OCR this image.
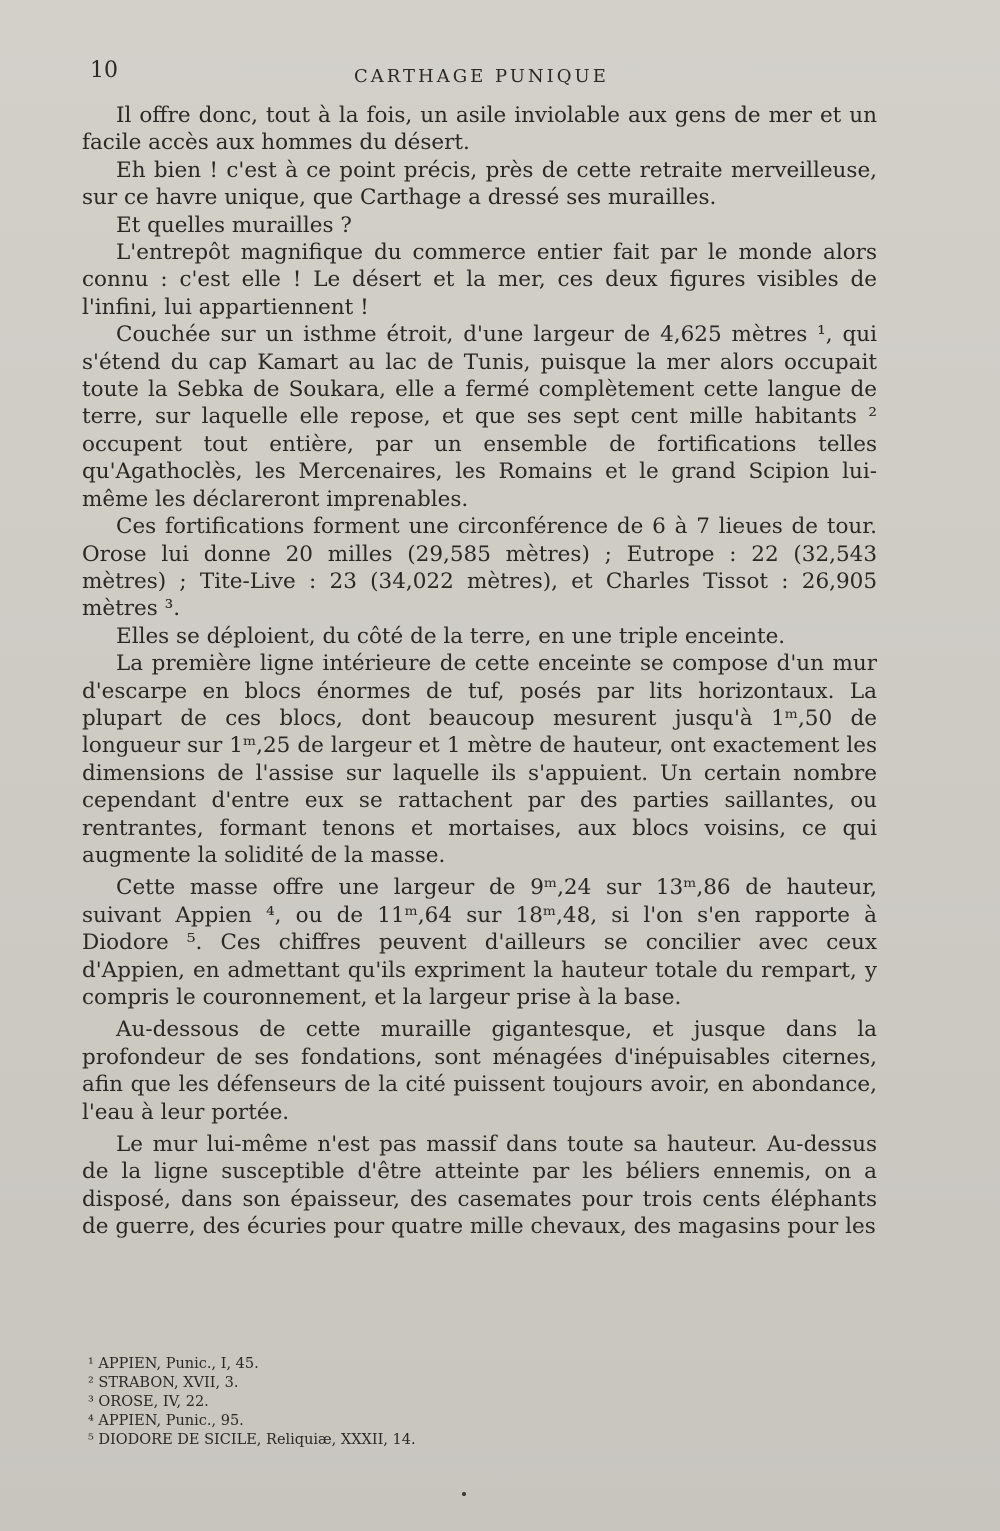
10	CARTHAGE PUNIQUE

Il offre donc, tout à la fois, un asile inviolable aux gens de mer et un facile accès aux hommes du désert.

Eh bien ! c'est à ce point précis, près de cette retraite merveilleuse, sur ce havre unique, que Carthage a dressé ses murailles.

Et quelles murailles ?

L'entrepôt magnifique du commerce entier fait par le monde alors connu : c'est elle ! Le désert et la mer, ces deux figures visibles de l'infini, lui appartiennent !

Couchée sur un isthme étroit, d'une largeur de 4,625 mètres ¹, qui s'étend du cap Kamart au lac de Tunis, puisque la mer alors occupait toute la Sebka de Soukara, elle a fermé complètement cette langue de terre, sur laquelle elle repose, et que ses sept cent mille habitants ² occupent tout entière, par un ensemble de fortifications telles qu'Agathoclès, les Mercenaires, les Romains et le grand Scipion lui-même les déclareront imprenables.

Ces fortifications forment une circonférence de 6 à 7 lieues de tour. Orose lui donne 20 milles (29,585 mètres) ; Eutrope : 22 (32,543 mètres) ; Tite-Live : 23 (34,022 mètres), et Charles Tissot : 26,905 mètres ³.

Elles se déploient, du côté de la terre, en une triple enceinte.

La première ligne intérieure de cette enceinte se compose d'un mur d'escarpe en blocs énormes de tuf, posés par lits horizontaux. La plupart de ces blocs, dont beaucoup mesurent jusqu'à 1ᵐ,50 de longueur sur 1ᵐ,25 de largeur et 1 mètre de hauteur, ont exactement les dimensions de l'assise sur laquelle ils s'appuient. Un certain nombre cependant d'entre eux se rattachent par des parties saillantes, ou rentrantes, formant tenons et mortaises, aux blocs voisins, ce qui augmente la solidité de la masse.

Cette masse offre une largeur de 9ᵐ,24 sur 13ᵐ,86 de hauteur, suivant Appien ⁴, ou de 11ᵐ,64 sur 18ᵐ,48, si l'on s'en rapporte à Diodore ⁵. Ces chiffres peuvent d'ailleurs se concilier avec ceux d'Appien, en admettant qu'ils expriment la hauteur totale du rempart, y compris le couronnement, et la largeur prise à la base.

Au-dessous de cette muraille gigantesque, et jusque dans la profondeur de ses fondations, sont ménagées d'inépuisables citernes, afin que les défenseurs de la cité puissent toujours avoir, en abondance, l'eau à leur portée.

Le mur lui-même n'est pas massif dans toute sa hauteur. Au-dessus de la ligne susceptible d'être atteinte par les béliers ennemis, on a disposé, dans son épaisseur, des casemates pour trois cents éléphants de guerre, des écuries pour quatre mille chevaux, des magasins pour les

¹ APPIEN, Punic., I, 45.
² STRABON, XVII, 3.
³ OROSE, IV, 22.
⁴ APPIEN, Punic., 95.
⁵ DIODORE DE SICILE, Reliquiæ, XXXII, 14.
